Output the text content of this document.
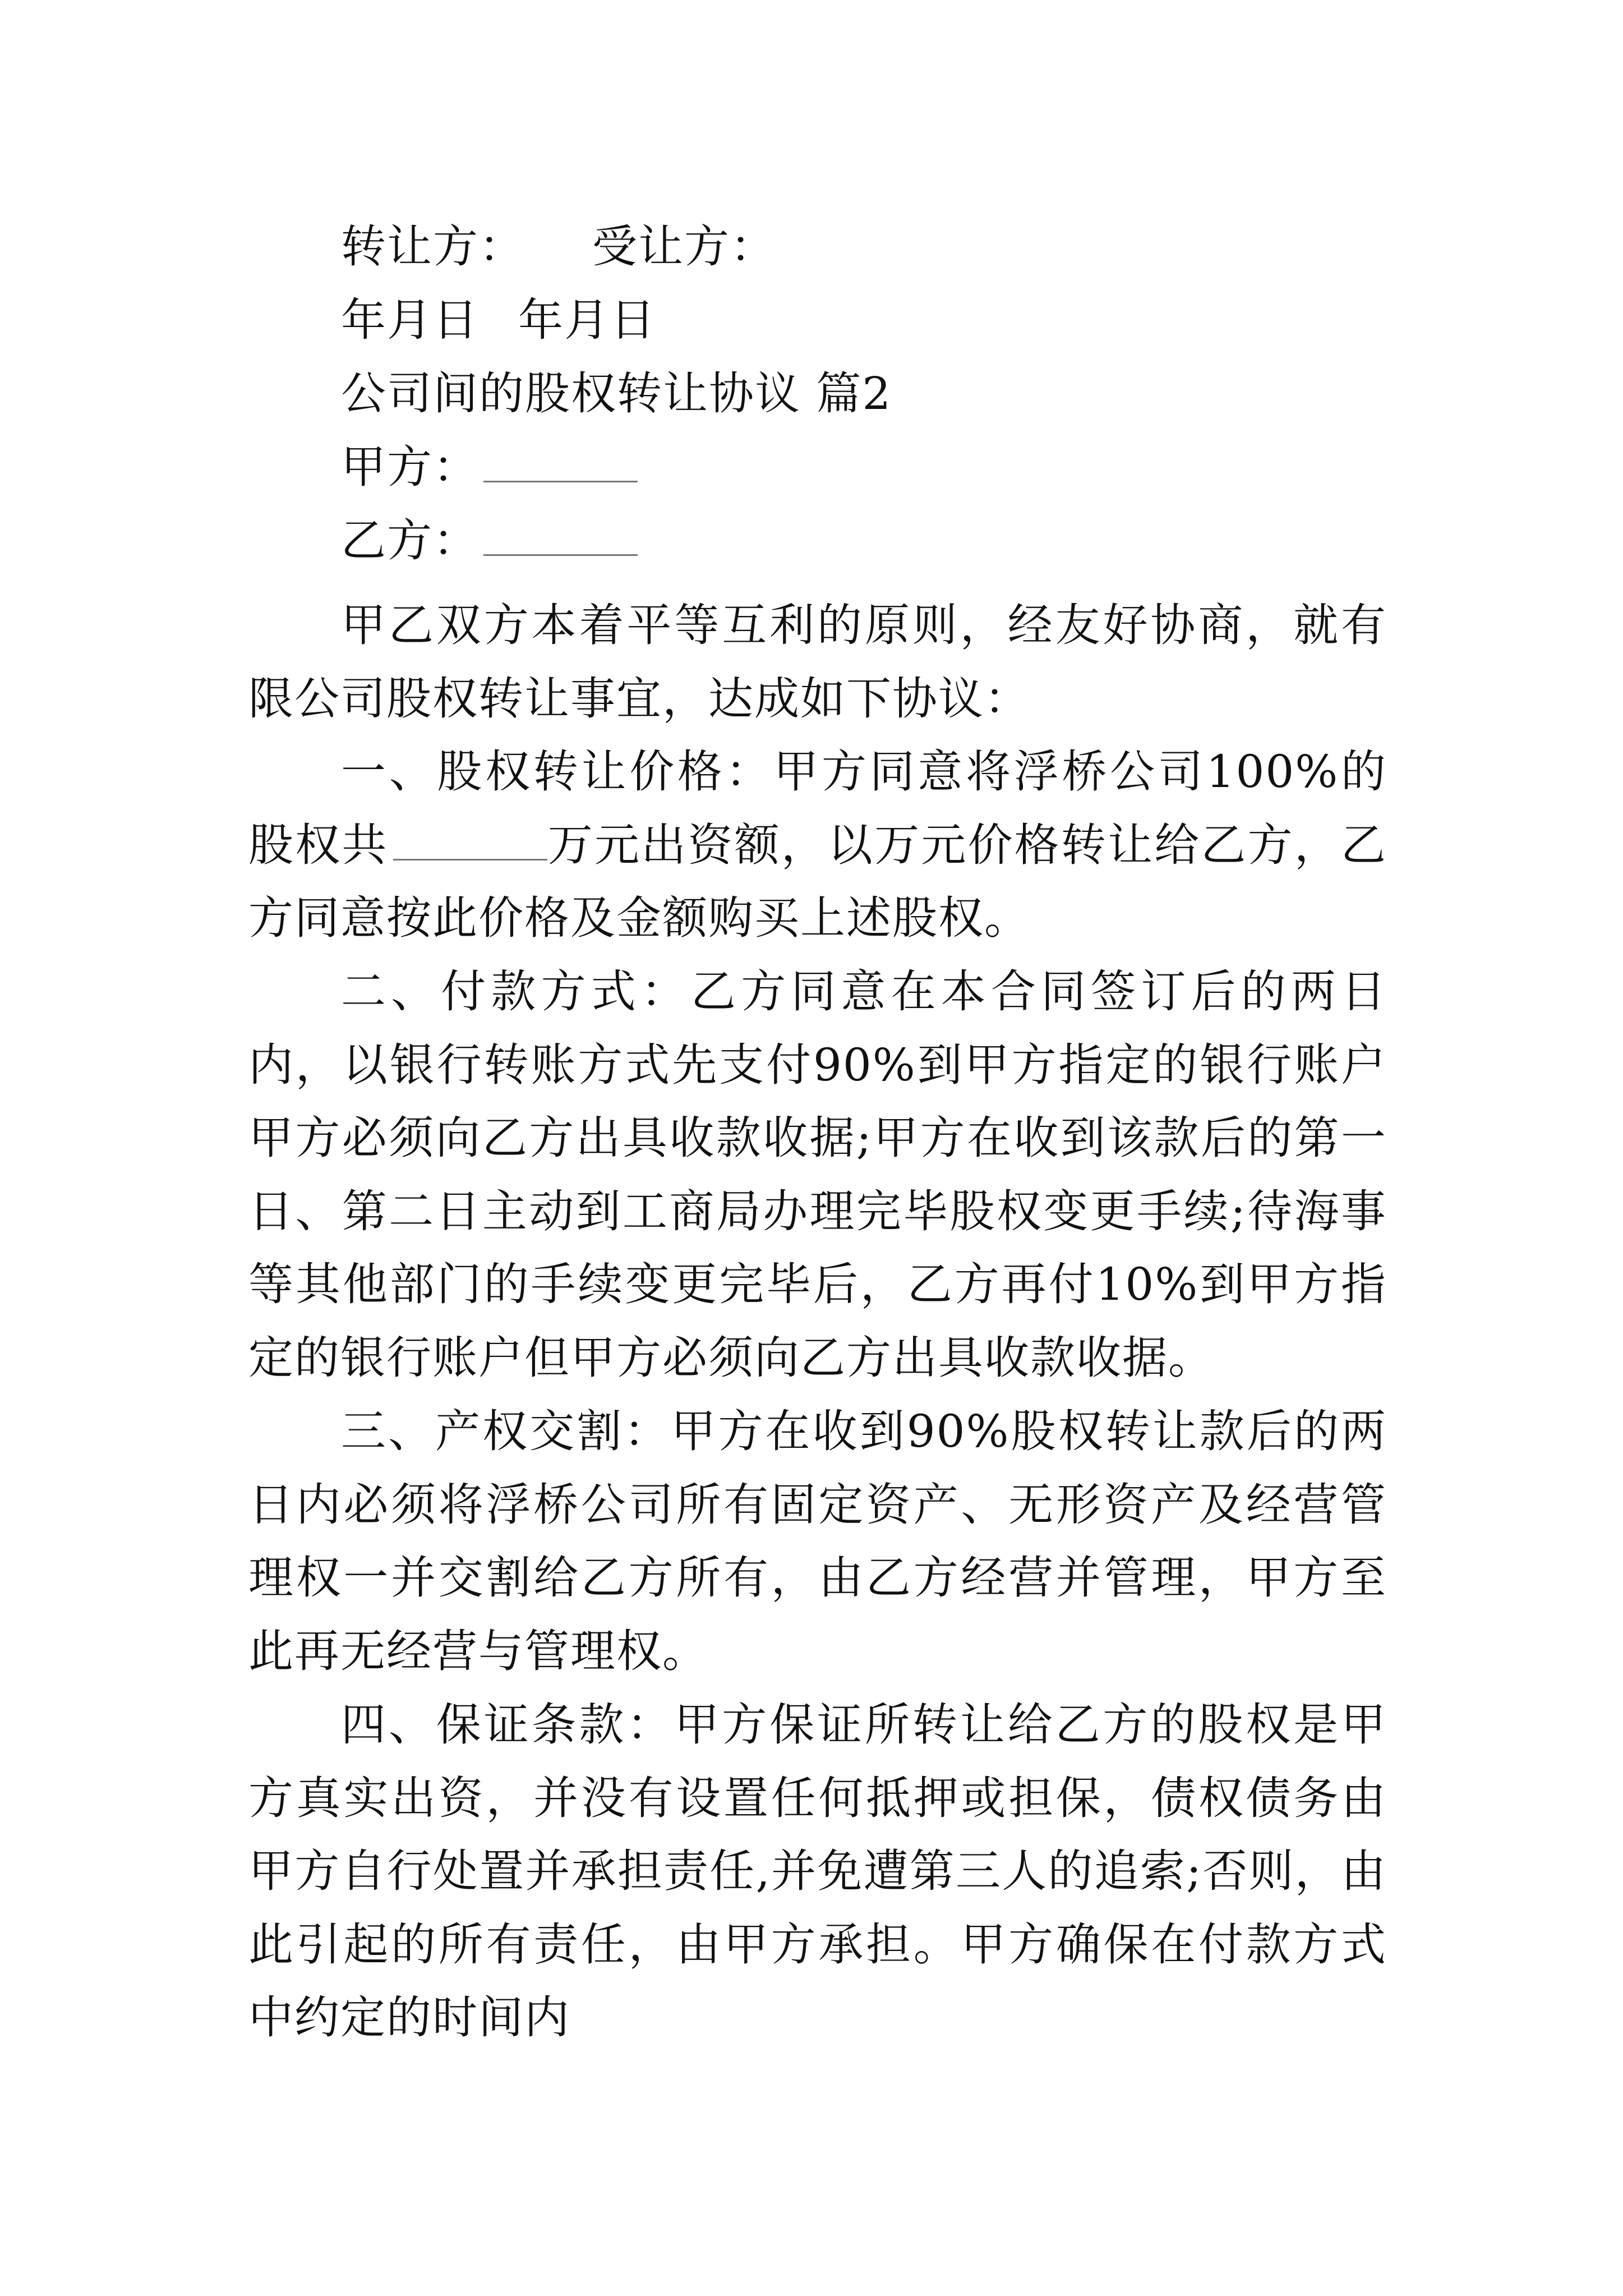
转让方： 受让方：
年月日 年月日
公司间的股权转让协议 篇2
甲方：
乙方：
甲乙双方本着平等互利的原则，经友好协商，就有限公司股权转让事宜，达成如下协议：
一、股权转让价格：甲方同意将浮桥公司100%的股权共	万元出资额，以万元价格转让给乙方，乙方同意按此价格及金额购买上述股权。
二、付款方式：乙方同意在本合同签订后的两日内，以银行转账方式先支付90%到甲方指定的银行账户甲方必须向乙方出具收款收据;甲方在收到该款后的第一日、第二日主动到工商局办理完毕股权变更手续;待海事等其他部门的手续变更完毕后，乙方再付10%到甲方指定的银行账户但甲方必须向乙方出具收款收据。
三、产权交割：甲方在收到90%股权转让款后的两日内必须将浮桥公司所有固定资产、无形资产及经营管理权一并交割给乙方所有，由乙方经营并管理，甲方至此再无经营与管理权。
四、保证条款：甲方保证所转让给乙方的股权是甲方真实出资，并没有设置任何抵押或担保，债权债务由甲方自行处置并承担责任,并免遭第三人的追索;否则，由此引起的所有责任，由甲方承担。甲方确保在付款方式中约定的时间内
